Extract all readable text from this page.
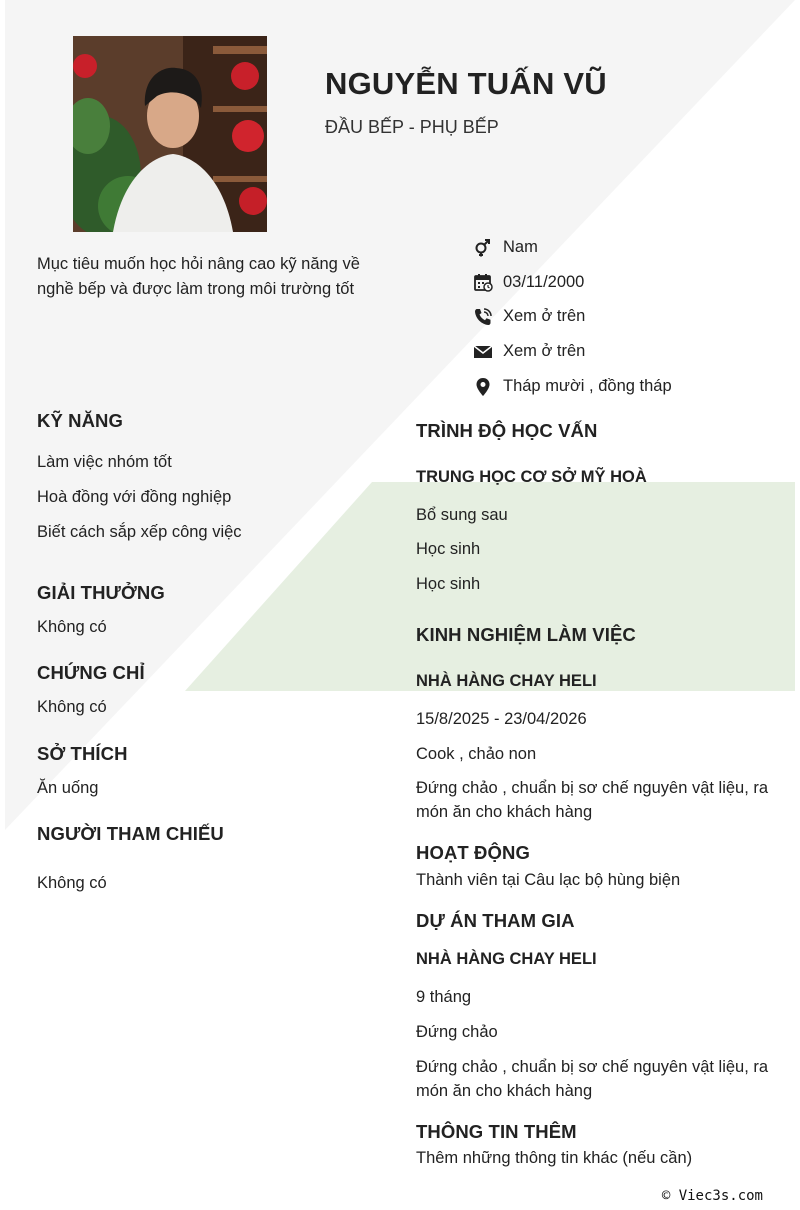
NGUYỄN TUẤN VŨ
ĐẦU BẾP - PHỤ BẾP
Mục tiêu muốn học hỏi nâng cao kỹ năng về nghề bếp và được làm trong môi trường tốt
Nam
03/11/2000
Xem ở trên
Xem ở trên
Tháp mười , đồng tháp
KỸ NĂNG
Làm việc nhóm tốt
Hoà đồng với đồng nghiệp
Biết cách sắp xếp công việc
GIẢI THƯỞNG
Không có
CHỨNG CHỈ
Không có
SỞ THÍCH
Ăn uống
NGƯỜI THAM CHIẾU
Không có
TRÌNH ĐỘ HỌC VẤN
TRUNG HỌC CƠ SỞ MỸ HOÀ
Bổ sung sau
Học sinh
Học sinh
KINH NGHIỆM LÀM VIỆC
NHÀ HÀNG CHAY HELI
15/8/2025 - 23/04/2026
Cook , chảo non
Đứng chảo , chuẩn bị sơ chế nguyên vật liệu, ra món ăn cho khách hàng
HOẠT ĐỘNG
Thành viên tại Câu lạc bộ hùng biện
DỰ ÁN THAM GIA
NHÀ HÀNG CHAY HELI
9 tháng
Đứng chảo
Đứng chảo , chuẩn bị sơ chế nguyên vật liệu, ra món ăn cho khách hàng
THÔNG TIN THÊM
Thêm những thông tin khác (nếu cần)
© Viec3s.com
